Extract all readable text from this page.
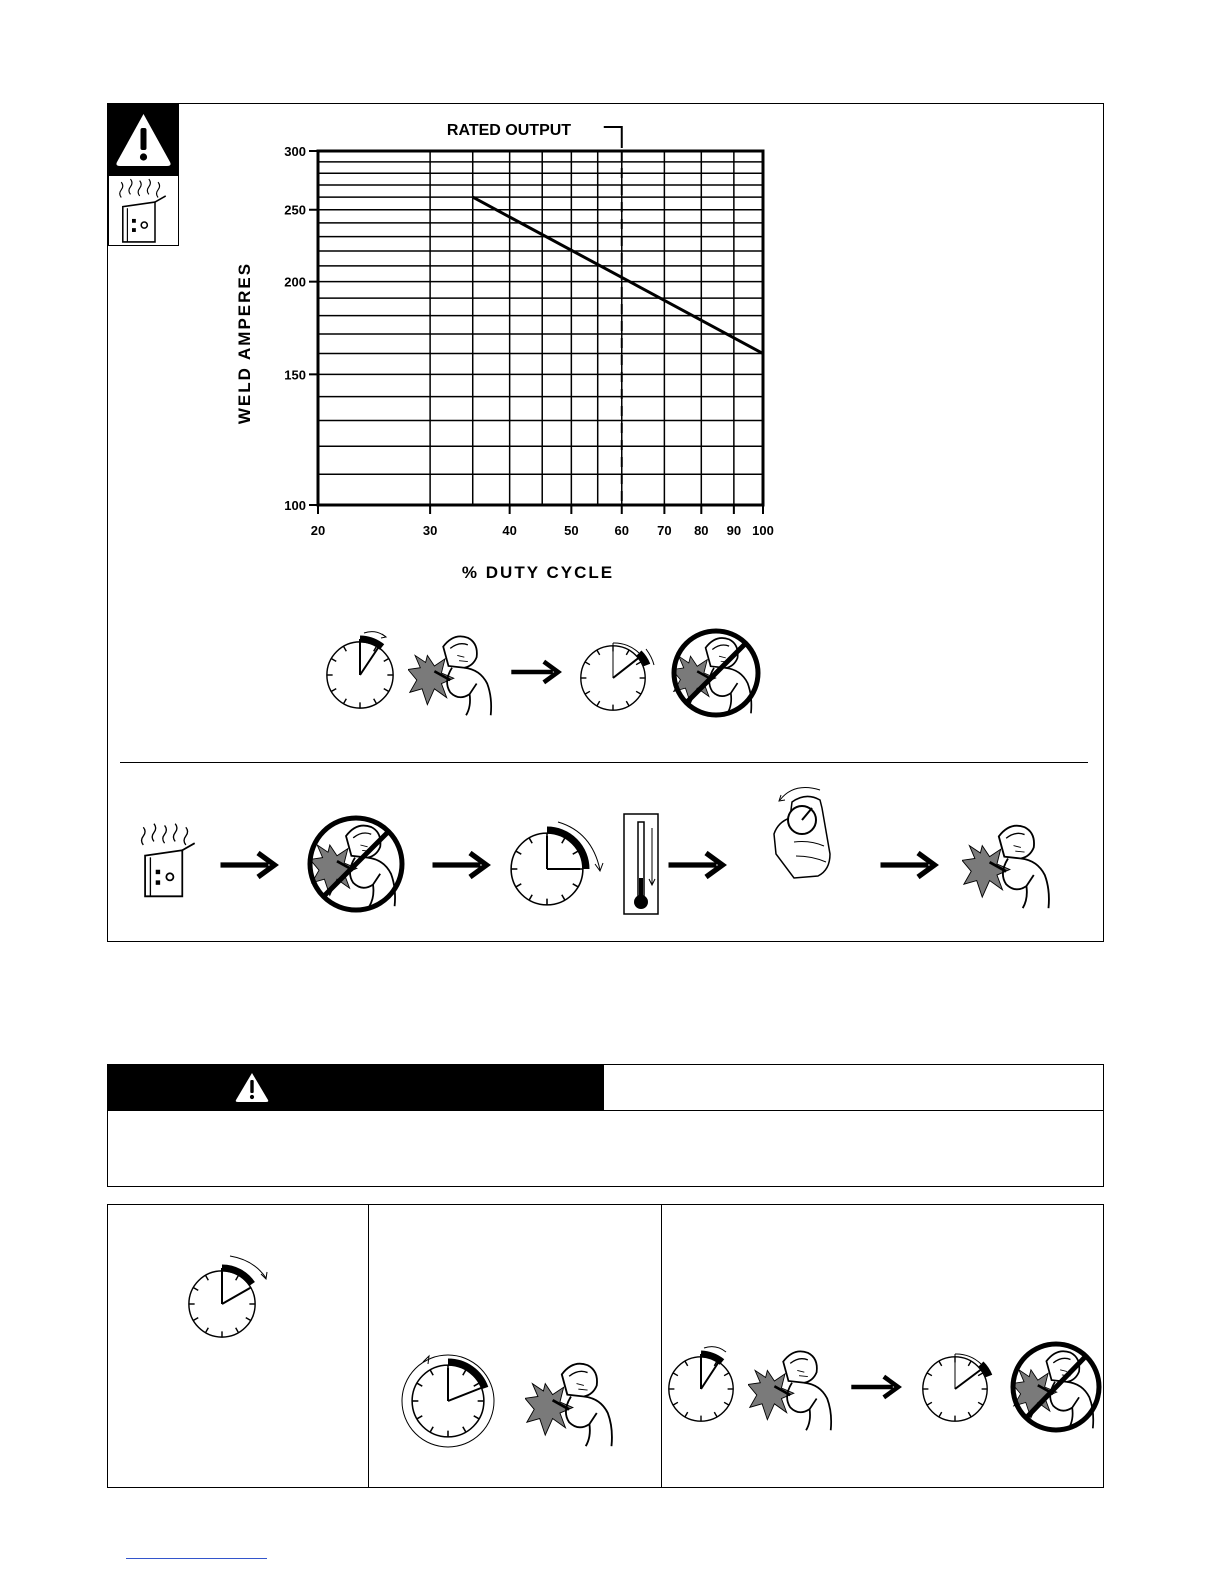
RATED OUTPUT
20	30	40	50	60 70 80 90 100
100
150
200
250
300
WELD AMPERES
% DUTY CYCLE
